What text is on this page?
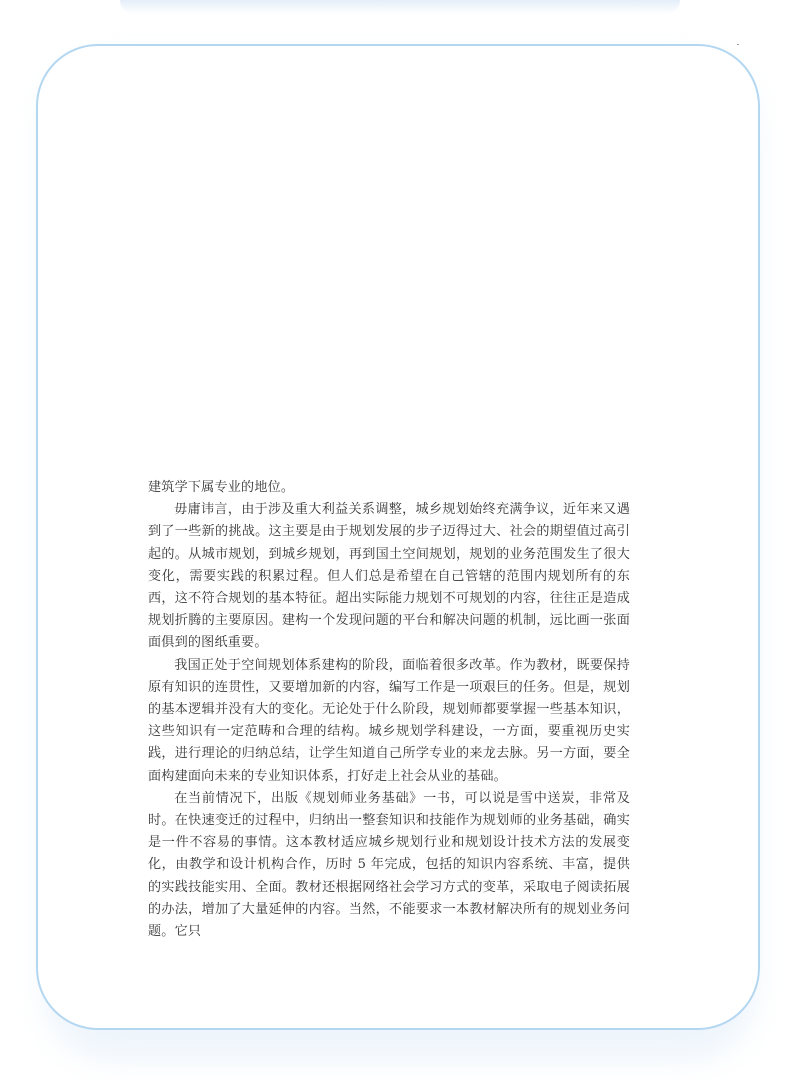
建筑学下属专业的地位。

毋庸讳言，由于涉及重大利益关系调整，城乡规划始终充满争议，近年来又遇到了一些新的挑战。这主要是由于规划发展的步子迈得过大、社会的期望值过高引起的。从城市规划，到城乡规划，再到国土空间规划，规划的业务范围发生了很大变化，需要实践的积累过程。但人们总是希望在自己管辖的范围内规划所有的东西，这不符合规划的基本特征。超出实际能力规划不可规划的内容，往往正是造成规划折腾的主要原因。建构一个发现问题的平台和解决问题的机制，远比画一张面面俱到的图纸重要。

我国正处于空间规划体系建构的阶段，面临着很多改革。作为教材，既要保持原有知识的连贯性，又要增加新的内容，编写工作是一项艰巨的任务。但是，规划的基本逻辑并没有大的变化。无论处于什么阶段，规划师都要掌握一些基本知识，这些知识有一定范畴和合理的结构。城乡规划学科建设，一方面，要重视历史实践，进行理论的归纳总结，让学生知道自己所学专业的来龙去脉。另一方面，要全面构建面向未来的专业知识体系，打好走上社会从业的基础。

在当前情况下，出版《规划师业务基础》一书，可以说是雪中送炭，非常及时。在快速变迁的过程中，归纳出一整套知识和技能作为规划师的业务基础，确实是一件不容易的事情。这本教材适应城乡规划行业和规划设计技术方法的发展变化，由教学和设计机构合作，历时 5 年完成，包括的知识内容系统、丰富，提供的实践技能实用、全面。教材还根据网络社会学习方式的变革，采取电子阅读拓展的办法，增加了大量延伸的内容。当然，不能要求一本教材解决所有的规划业务问题。它只
